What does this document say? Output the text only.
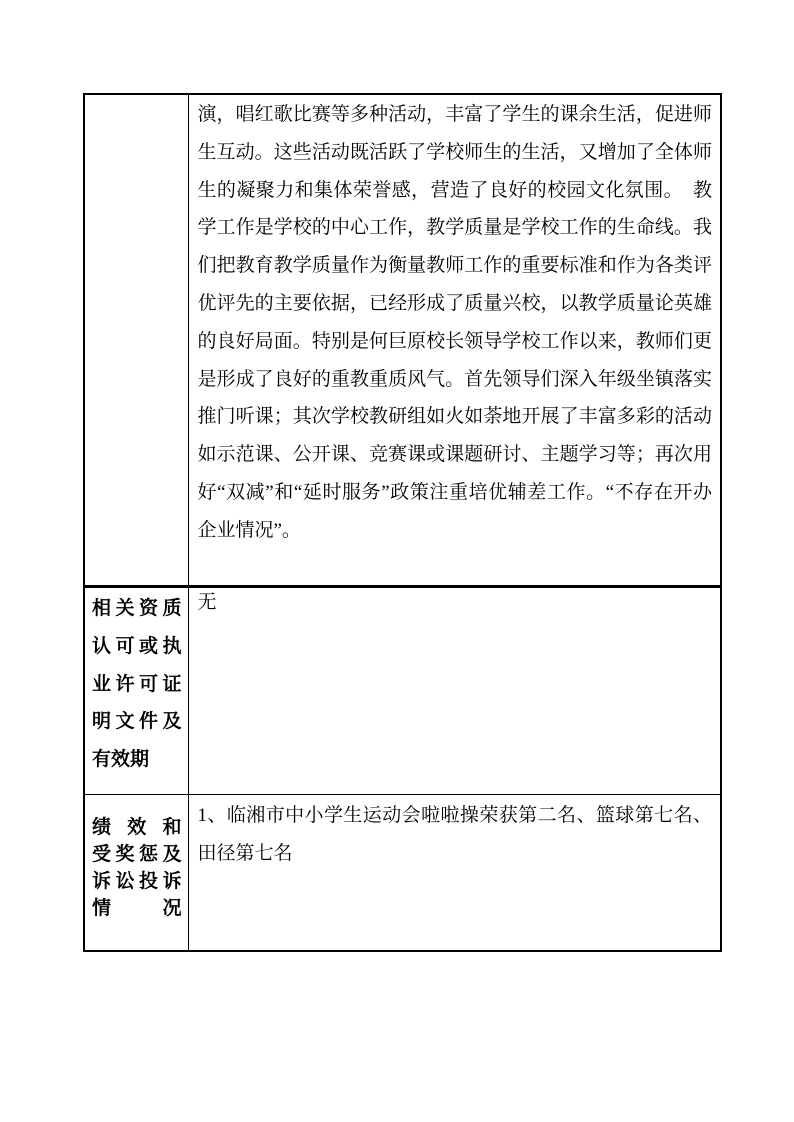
	演，唱红歌比赛等多种活动，丰富了学生的课余生活，促进师生互动。这些活动既活跃了学校师生的生活，又增加了全体师生的凝聚力和集体荣誉感，营造了良好的校园文化氛围。　教学工作是学校的中心工作，教学质量是学校工作的生命线。我们把教育教学质量作为衡量教师工作的重要标准和作为各类评优评先的主要依据，已经形成了质量兴校，以教学质量论英雄的良好局面。特别是何巨原校长领导学校工作以来，教师们更是形成了良好的重教重质风气。首先领导们深入年级坐镇落实推门听课；其次学校教研组如火如荼地开展了丰富多彩的活动如示范课、公开课、竞赛课或课题研讨、主题学习等；再次用好“双减”和“延时服务”政策注重培优辅差工作。“不存在开办企业情况”。

相关资质
认可或执
业许可证
明文件及
有效期	无

绩效和
受奖惩及
诉讼投诉
情况	1、临湘市中小学生运动会啦啦操荣获第二名、篮球第七名、田径第七名
